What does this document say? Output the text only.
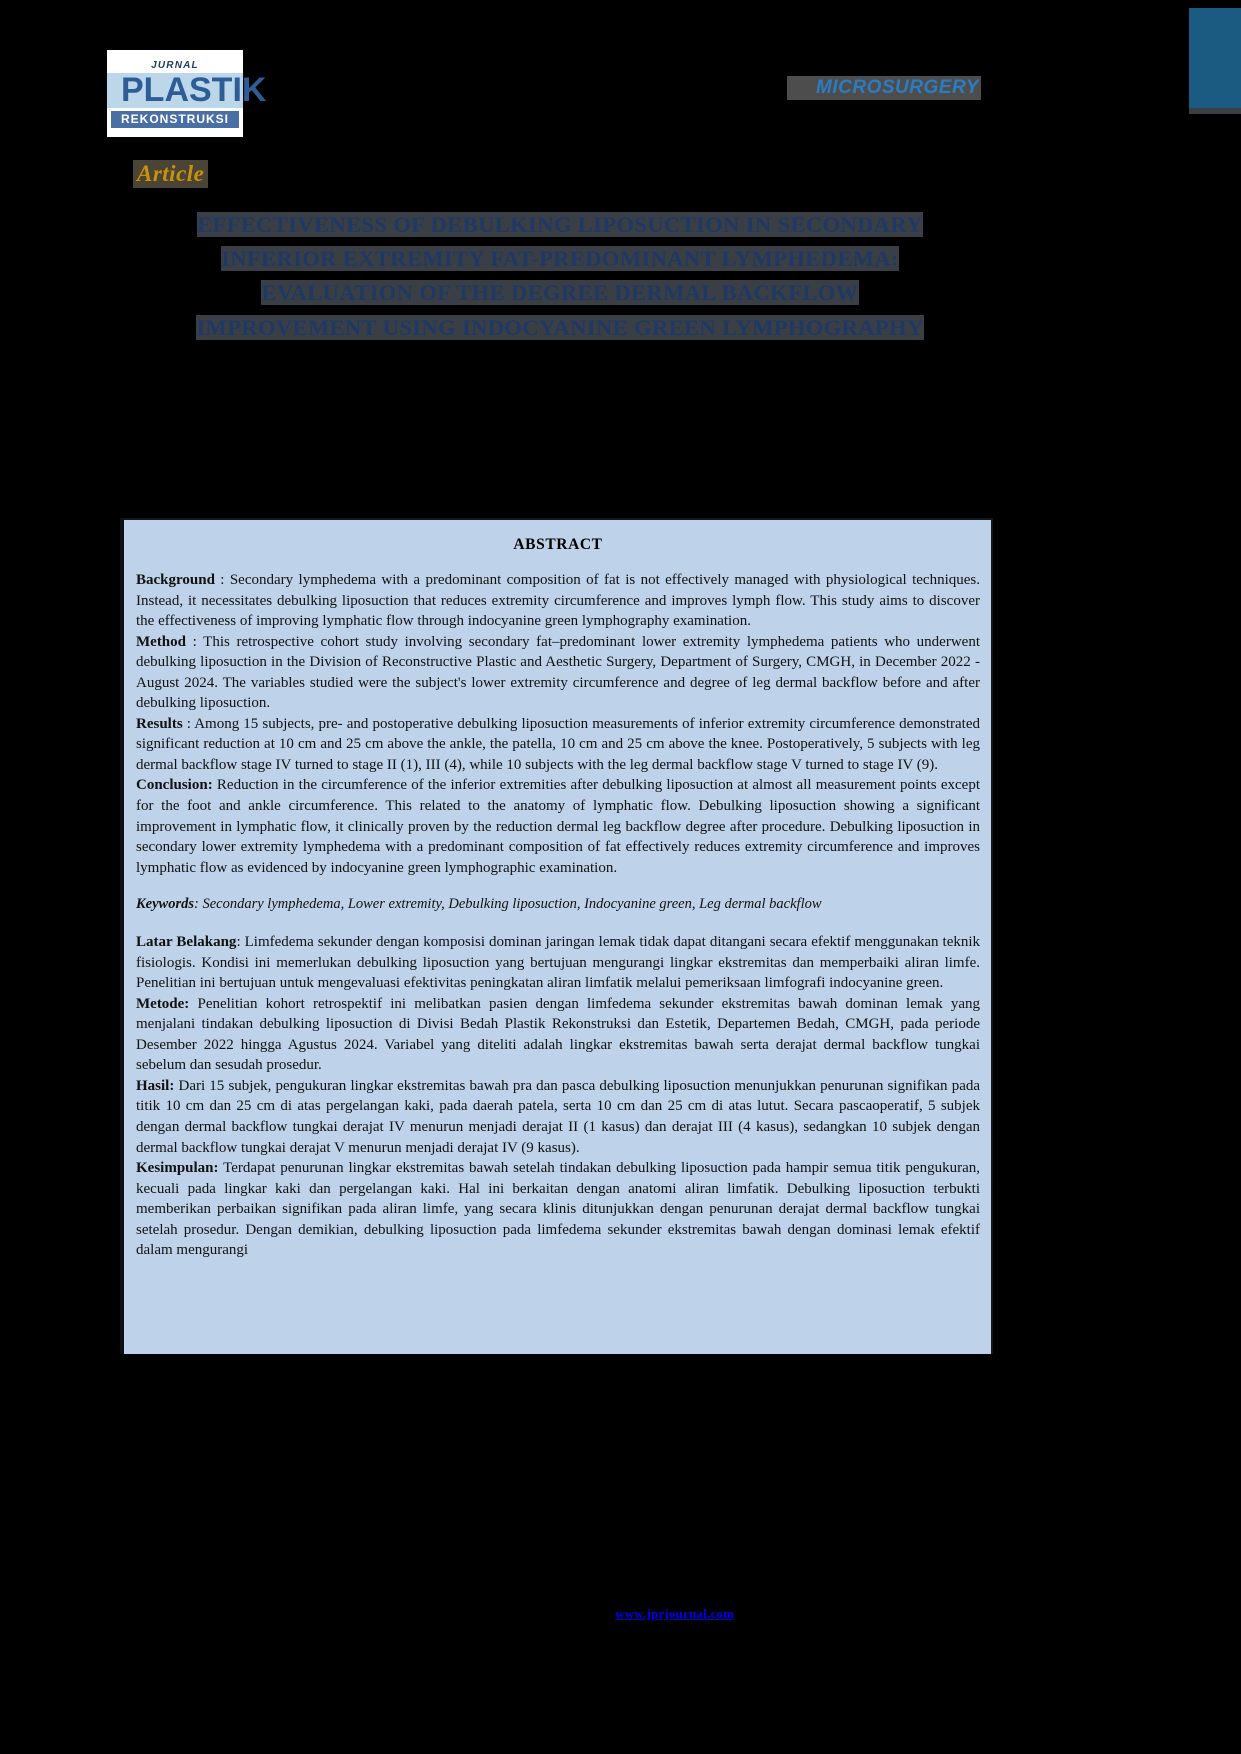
JURNAL
PLASTIK
REKONSTRUKSI
MICROSURGERY
Article
EFFECTIVENESS OF DEBULKING LIPOSUCTION IN SECONDARY
INFERIOR EXTREMITY FAT-PREDOMINANT LYMPHEDEMA:
EVALUATION OF THE DEGREE DERMAL BACKFLOW
IMPROVEMENT USING INDOCYANINE GREEN LYMPHOGRAPHY
ABSTRACT

Background : Secondary lymphedema with a predominant composition of fat is not effectively managed with physiological techniques. Instead, it necessitates debulking liposuction that reduces extremity circumference and improves lymph flow. This study aims to discover the effectiveness of improving lymphatic flow through indocyanine green lymphography examination.

Method : This retrospective cohort study involving secondary fat–predominant lower extremity lymphedema patients who underwent debulking liposuction in the Division of Reconstructive Plastic and Aesthetic Surgery, Department of Surgery, CMGH, in December 2022 - August 2024. The variables studied were the subject's lower extremity circumference and degree of leg dermal backflow before and after debulking liposuction.

Results : Among 15 subjects, pre- and postoperative debulking liposuction measurements of inferior extremity circumference demonstrated significant reduction at 10 cm and 25 cm above the ankle, the patella, 10 cm and 25 cm above the knee. Postoperatively, 5 subjects with leg dermal backflow stage IV turned to stage II (1), III (4), while 10 subjects with the leg dermal backflow stage V turned to stage IV (9).

Conclusion: Reduction in the circumference of the inferior extremities after debulking liposuction at almost all measurement points except for the foot and ankle circumference. This related to the anatomy of lymphatic flow. Debulking liposuction showing a significant improvement in lymphatic flow, it clinically proven by the reduction dermal leg backflow degree after procedure. Debulking liposuction in secondary lower extremity lymphedema with a predominant composition of fat effectively reduces extremity circumference and improves lymphatic flow as evidenced by indocyanine green lymphographic examination.

Keywords: Secondary lymphedema, Lower extremity, Debulking liposuction, Indocyanine green, Leg dermal backflow

Latar Belakang: Limfedema sekunder dengan komposisi dominan jaringan lemak tidak dapat ditangani secara efektif menggunakan teknik fisiologis. Kondisi ini memerlukan debulking liposuction yang bertujuan mengurangi lingkar ekstremitas dan memperbaiki aliran limfe. Penelitian ini bertujuan untuk mengevaluasi efektivitas peningkatan aliran limfatik melalui pemeriksaan limfografi indocyanine green.

Metode: Penelitian kohort retrospektif ini melibatkan pasien dengan limfedema sekunder ekstremitas bawah dominan lemak yang menjalani tindakan debulking liposuction di Divisi Bedah Plastik Rekonstruksi dan Estetik, Departemen Bedah, CMGH, pada periode Desember 2022 hingga Agustus 2024. Variabel yang diteliti adalah lingkar ekstremitas bawah serta derajat dermal backflow tungkai sebelum dan sesudah prosedur.

Hasil: Dari 15 subjek, pengukuran lingkar ekstremitas bawah pra dan pasca debulking liposuction menunjukkan penurunan signifikan pada titik 10 cm dan 25 cm di atas pergelangan kaki, pada daerah patela, serta 10 cm dan 25 cm di atas lutut. Secara pascaoperatif, 5 subjek dengan dermal backflow tungkai derajat IV menurun menjadi derajat II (1 kasus) dan derajat III (4 kasus), sedangkan 10 subjek dengan dermal backflow tungkai derajat V menurun menjadi derajat IV (9 kasus).

Kesimpulan: Terdapat penurunan lingkar ekstremitas bawah setelah tindakan debulking liposuction pada hampir semua titik pengukuran, kecuali pada lingkar kaki dan pergelangan kaki. Hal ini berkaitan dengan anatomi aliran limfatik. Debulking liposuction terbukti memberikan perbaikan signifikan pada aliran limfe, yang secara klinis ditunjukkan dengan penurunan derajat dermal backflow tungkai setelah prosedur. Dengan demikian, debulking liposuction pada limfedema sekunder ekstremitas bawah dengan dominasi lemak efektif dalam mengurangi

www.jprjournal.com
